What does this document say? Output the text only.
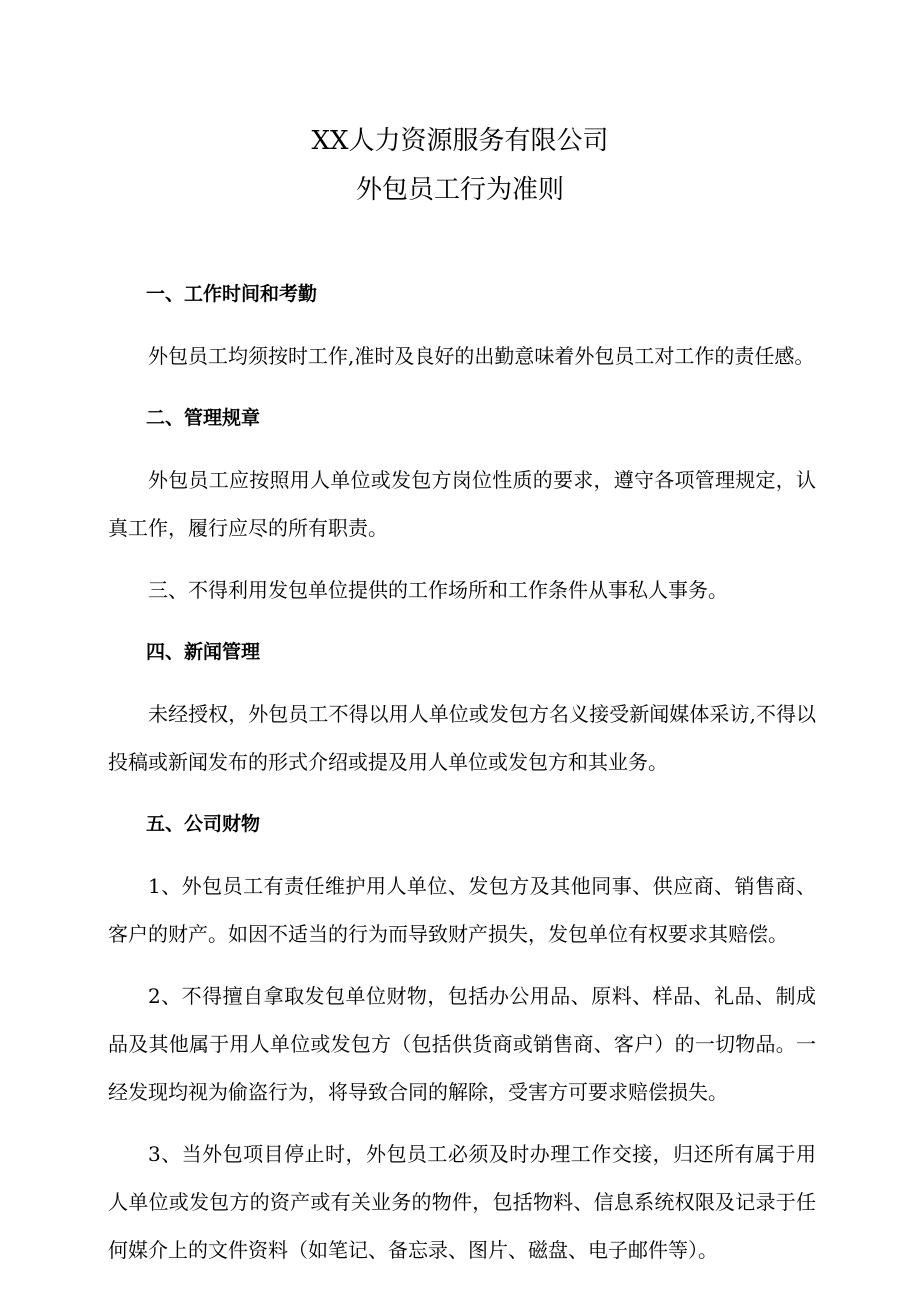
XX人力资源服务有限公司
外包员工行为准则
一、工作时间和考勤
外包员工均须按时工作,准时及良好的出勤意味着外包员工对工作的责任感。
二、管理规章
外包员工应按照用人单位或发包方岗位性质的要求，遵守各项管理规定，认真工作，履行应尽的所有职责。
三、不得利用发包单位提供的工作场所和工作条件从事私人事务。
四、新闻管理
未经授权，外包员工不得以用人单位或发包方名义接受新闻媒体采访,不得以投稿或新闻发布的形式介绍或提及用人单位或发包方和其业务。
五、公司财物
1、外包员工有责任维护用人单位、发包方及其他同事、供应商、销售商、客户的财产。如因不适当的行为而导致财产损失，发包单位有权要求其赔偿。
2、不得擅自拿取发包单位财物，包括办公用品、原料、样品、礼品、制成品及其他属于用人单位或发包方（包括供货商或销售商、客户）的一切物品。一经发现均视为偷盗行为，将导致合同的解除，受害方可要求赔偿损失。
3、当外包项目停止时，外包员工必须及时办理工作交接，归还所有属于用人单位或发包方的资产或有关业务的物件，包括物料、信息系统权限及记录于任何媒介上的文件资料（如笔记、备忘录、图片、磁盘、电子邮件等）。
